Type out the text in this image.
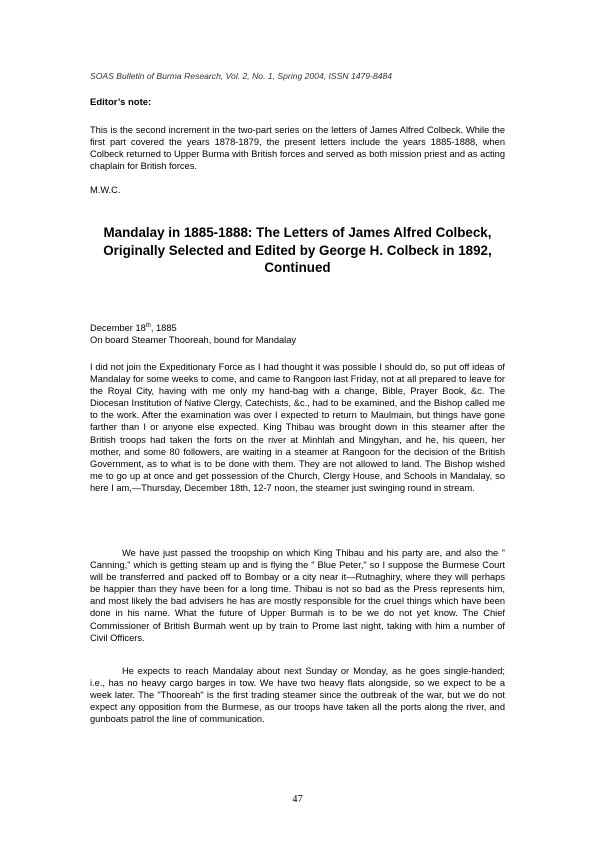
SOAS Bulletin of Burma Research, Vol. 2, No. 1, Spring 2004, ISSN 1479-8484
Editor’s note:

This is the second increment in the two-part series on the letters of James Alfred Colbeck. While the first part covered the years 1878-1879, the present letters include the years 1885-1888, when Colbeck returned to Upper Burma with British forces and served as both mission priest and as acting chaplain for British forces.

M.W.C.
Mandalay in 1885-1888: The Letters of James Alfred Colbeck,
Originally Selected and Edited by George H. Colbeck in 1892,
Continued
December 18th, 1885
On board Steamer Thooreah, bound for Mandalay

I did not join the Expeditionary Force as I had thought it was possible I should do, so put off ideas of Mandalay for some weeks to come, and came to Rangoon last Friday, not at all prepared to leave for the Royal City, having with me only my hand-bag with a change, Bible, Prayer Book, &c. The Diocesan Institution of Native Clergy, Catechists, &c., had to be examined, and the Bishop called me to the work. After the examination was over I expected to return to Maulmain, but things have gone farther than I or anyone else expected. King Thibau was brought down in this steamer after the British troops had taken the forts on the river at Minhlah and Mingyhan, and he, his queen, her mother, and some 80 followers, are waiting in a steamer at Rangoon for the decision of the British Government, as to what is to be done with them. They are not allowed to land. The Bishop wished me to go up at once and get possession of the Church, Clergy House, and Schools in Mandalay, so here I am,—Thursday, December 18th, 12-7 noon, the steamer just swinging round in stream.

We have just passed the troopship on which King Thibau and his party are, and also the " Canning," which is getting steam up and is flying the " Blue Peter," so I suppose the Burmese Court will be transferred and packed off to Bombay or a city near it—Rutnaghiry, where they will perhaps be happier than they have been for a long time. Thibau is not so bad as the Press represents him, and most likely the bad advisers he has are mostly responsible for the cruel things which have been done in his name. What the future of Upper Burmah is to be we do not yet know. The Chief Commissioner of British Burmah went up by train to Prome last night, taking with him a number of Civil Officers.

He expects to reach Mandalay about next Sunday or Monday, as he goes single-handed; i.e., has no heavy cargo barges in tow. We have two heavy flats alongside, so we expect to be a week later. The "Thooreah" is the first trading steamer since the outbreak of the war, but we do not expect any opposition from the Burmese, as our troops have taken all the ports along the river, and gunboats patrol the line of communication.

47
